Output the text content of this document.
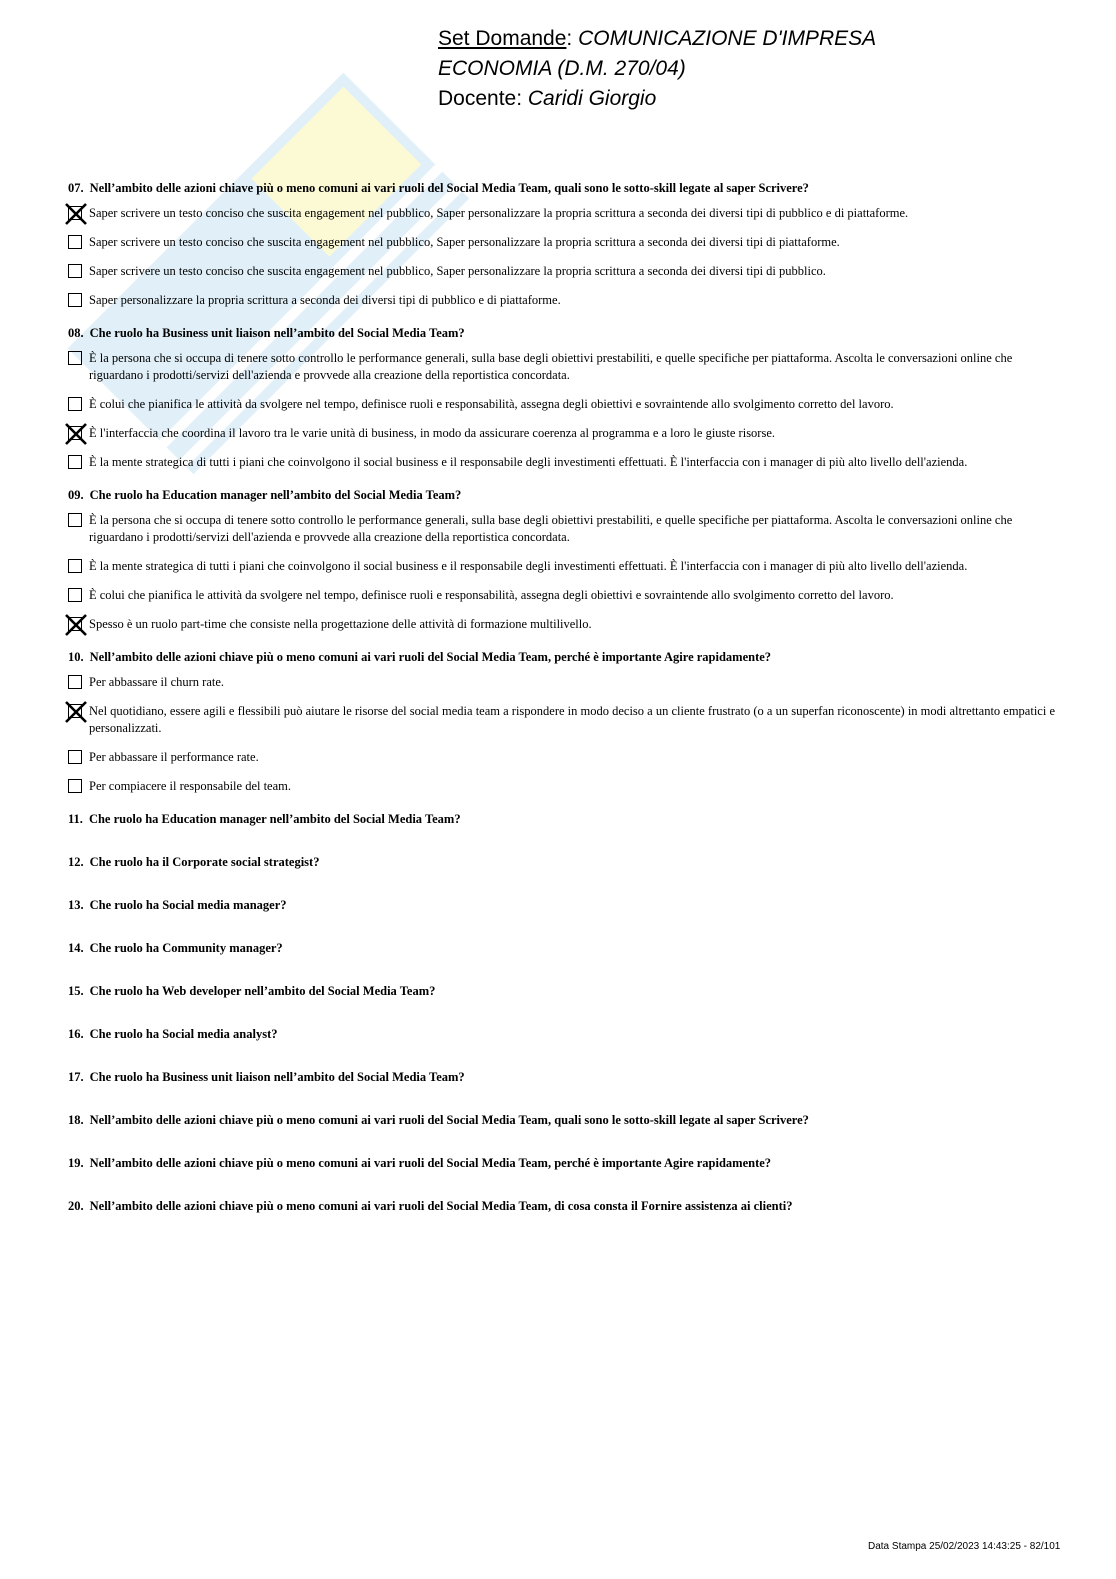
Set Domande: COMUNICAZIONE D'IMPRESA
ECONOMIA (D.M. 270/04)
Docente: Caridi Giorgio
07. Nell’ambito delle azioni chiave più o meno comuni ai vari ruoli del Social Media Team, quali sono le sotto-skill legate al saper Scrivere?
Saper scrivere un testo conciso che suscita engagement nel pubblico, Saper personalizzare la propria scrittura a seconda dei diversi tipi di pubblico e di piattaforme.
Saper scrivere un testo conciso che suscita engagement nel pubblico, Saper personalizzare la propria scrittura a seconda dei diversi tipi di piattaforme.
Saper scrivere un testo conciso che suscita engagement nel pubblico, Saper personalizzare la propria scrittura a seconda dei diversi tipi di pubblico.
Saper personalizzare la propria scrittura a seconda dei diversi tipi di pubblico e di piattaforme.
08. Che ruolo ha Business unit liaison nell’ambito del Social Media Team?
È la persona che si occupa di tenere sotto controllo le performance generali, sulla base degli obiettivi prestabiliti, e quelle specifiche per piattaforma. Ascolta le conversazioni online che riguardano i prodotti/servizi dell'azienda e provvede alla creazione della reportistica concordata.
È colui che pianifica le attività da svolgere nel tempo, definisce ruoli e responsabilità, assegna degli obiettivi e sovraintende allo svolgimento corretto del lavoro.
È l'interfaccia che coordina il lavoro tra le varie unità di business, in modo da assicurare coerenza al programma e a loro le giuste risorse.
È la mente strategica di tutti i piani che coinvolgono il social business e il responsabile degli investimenti effettuati. È l'interfaccia con i manager di più alto livello dell'azienda.
09. Che ruolo ha Education manager nell’ambito del Social Media Team?
È la persona che si occupa di tenere sotto controllo le performance generali, sulla base degli obiettivi prestabiliti, e quelle specifiche per piattaforma. Ascolta le conversazioni online che riguardano i prodotti/servizi dell'azienda e provvede alla creazione della reportistica concordata.
È la mente strategica di tutti i piani che coinvolgono il social business e il responsabile degli investimenti effettuati. È l'interfaccia con i manager di più alto livello dell'azienda.
È colui che pianifica le attività da svolgere nel tempo, definisce ruoli e responsabilità, assegna degli obiettivi e sovraintende allo svolgimento corretto del lavoro.
Spesso è un ruolo part-time che consiste nella progettazione delle attività di formazione multilivello.
10. Nell’ambito delle azioni chiave più o meno comuni ai vari ruoli del Social Media Team, perché è importante Agire rapidamente?
Per abbassare il churn rate.
Nel quotidiano, essere agili e flessibili può aiutare le risorse del social media team a rispondere in modo deciso a un cliente frustrato (o a un superfan riconoscente) in modi altrettanto empatici e personalizzati.
Per abbassare il performance rate.
Per compiacere il responsabile del team.
11. Che ruolo ha Education manager nell’ambito del Social Media Team?
12. Che ruolo ha il Corporate social strategist?
13. Che ruolo ha Social media manager?
14. Che ruolo ha Community manager?
15. Che ruolo ha Web developer nell’ambito del Social Media Team?
16. Che ruolo ha Social media analyst?
17. Che ruolo ha Business unit liaison nell’ambito del Social Media Team?
18. Nell’ambito delle azioni chiave più o meno comuni ai vari ruoli del Social Media Team, quali sono le sotto-skill legate al saper Scrivere?
19. Nell’ambito delle azioni chiave più o meno comuni ai vari ruoli del Social Media Team, perché è importante Agire rapidamente?
20. Nell’ambito delle azioni chiave più o meno comuni ai vari ruoli del Social Media Team, di cosa consta il Fornire assistenza ai clienti?
Data Stampa 25/02/2023 14:43:25 - 82/101
